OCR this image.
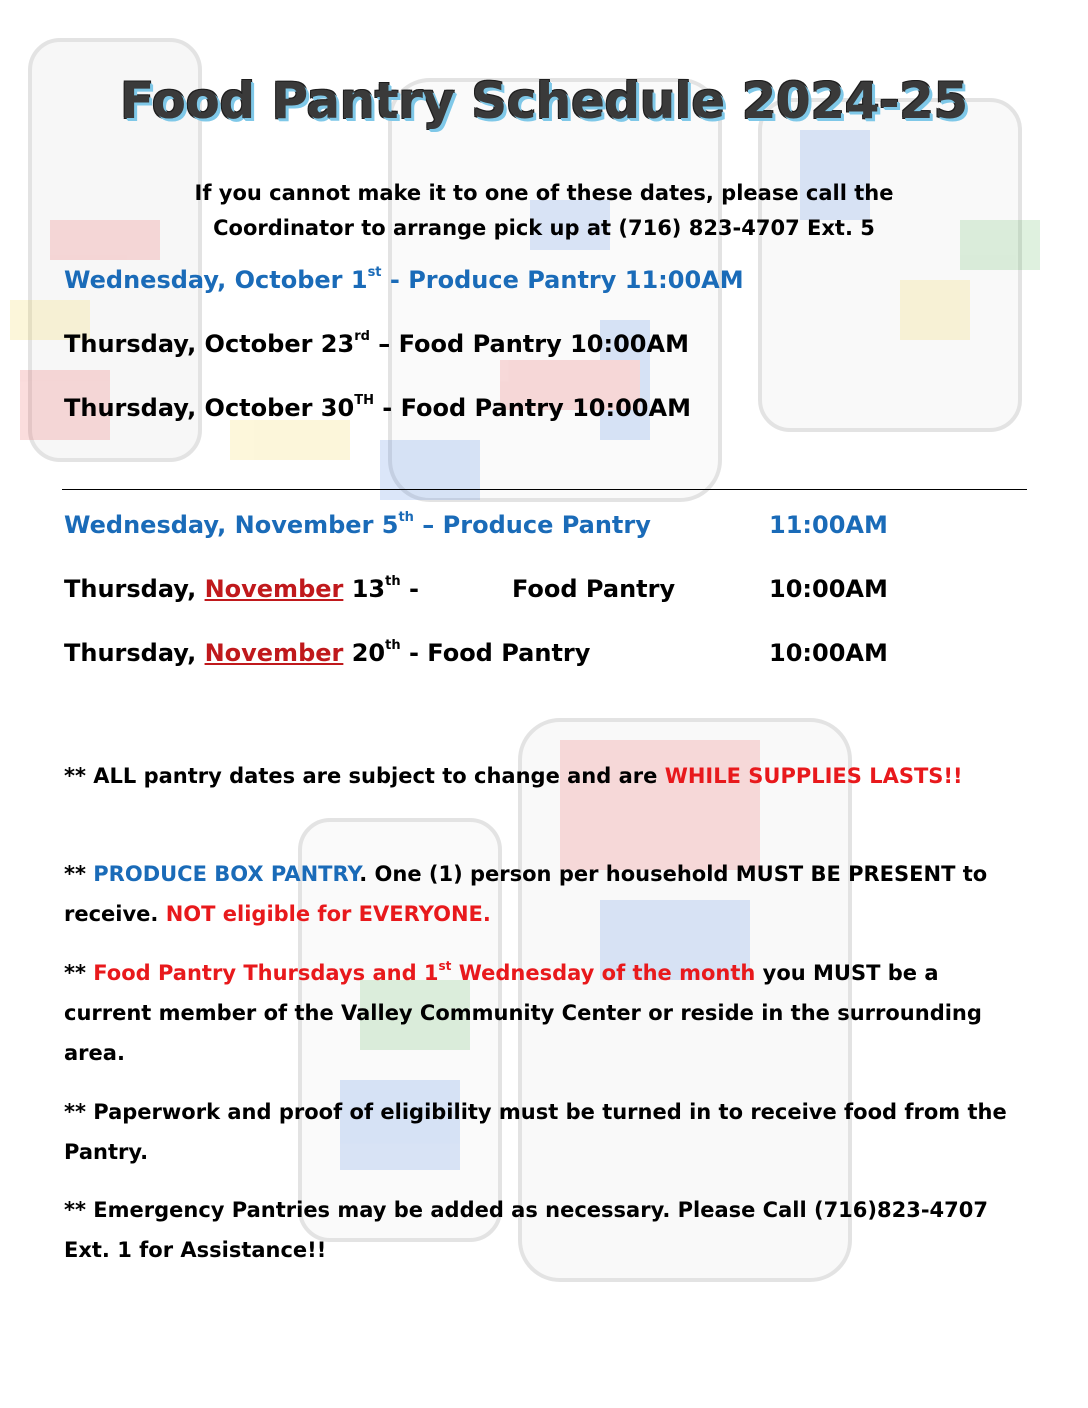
Food Pantry Schedule 2024-25
If you cannot make it to one of these dates, please call the
Coordinator to arrange pick up at (716) 823-4707 Ext. 5

Wednesday, October 1st - Produce Pantry 11:00AM

Thursday, October 23rd – Food Pantry 10:00AM

Thursday, October 30TH - Food Pantry 10:00AM

Wednesday, November 5th – Produce Pantry	11:00AM
Thursday, November 13th -	Food Pantry	10:00AM
Thursday, November 20th - Food Pantry	10:00AM

** ALL pantry dates are subject to change and are WHILE SUPPLIES LASTS!!

** PRODUCE BOX PANTRY. One (1) person per household MUST BE PRESENT to receive. NOT eligible for EVERYONE.

** Food Pantry Thursdays and 1st Wednesday of the month you MUST be a current member of the Valley Community Center or reside in the surrounding area.

** Paperwork and proof of eligibility must be turned in to receive food from the Pantry.

** Emergency Pantries may be added as necessary. Please Call (716)823-4707 Ext. 1 for Assistance!!
